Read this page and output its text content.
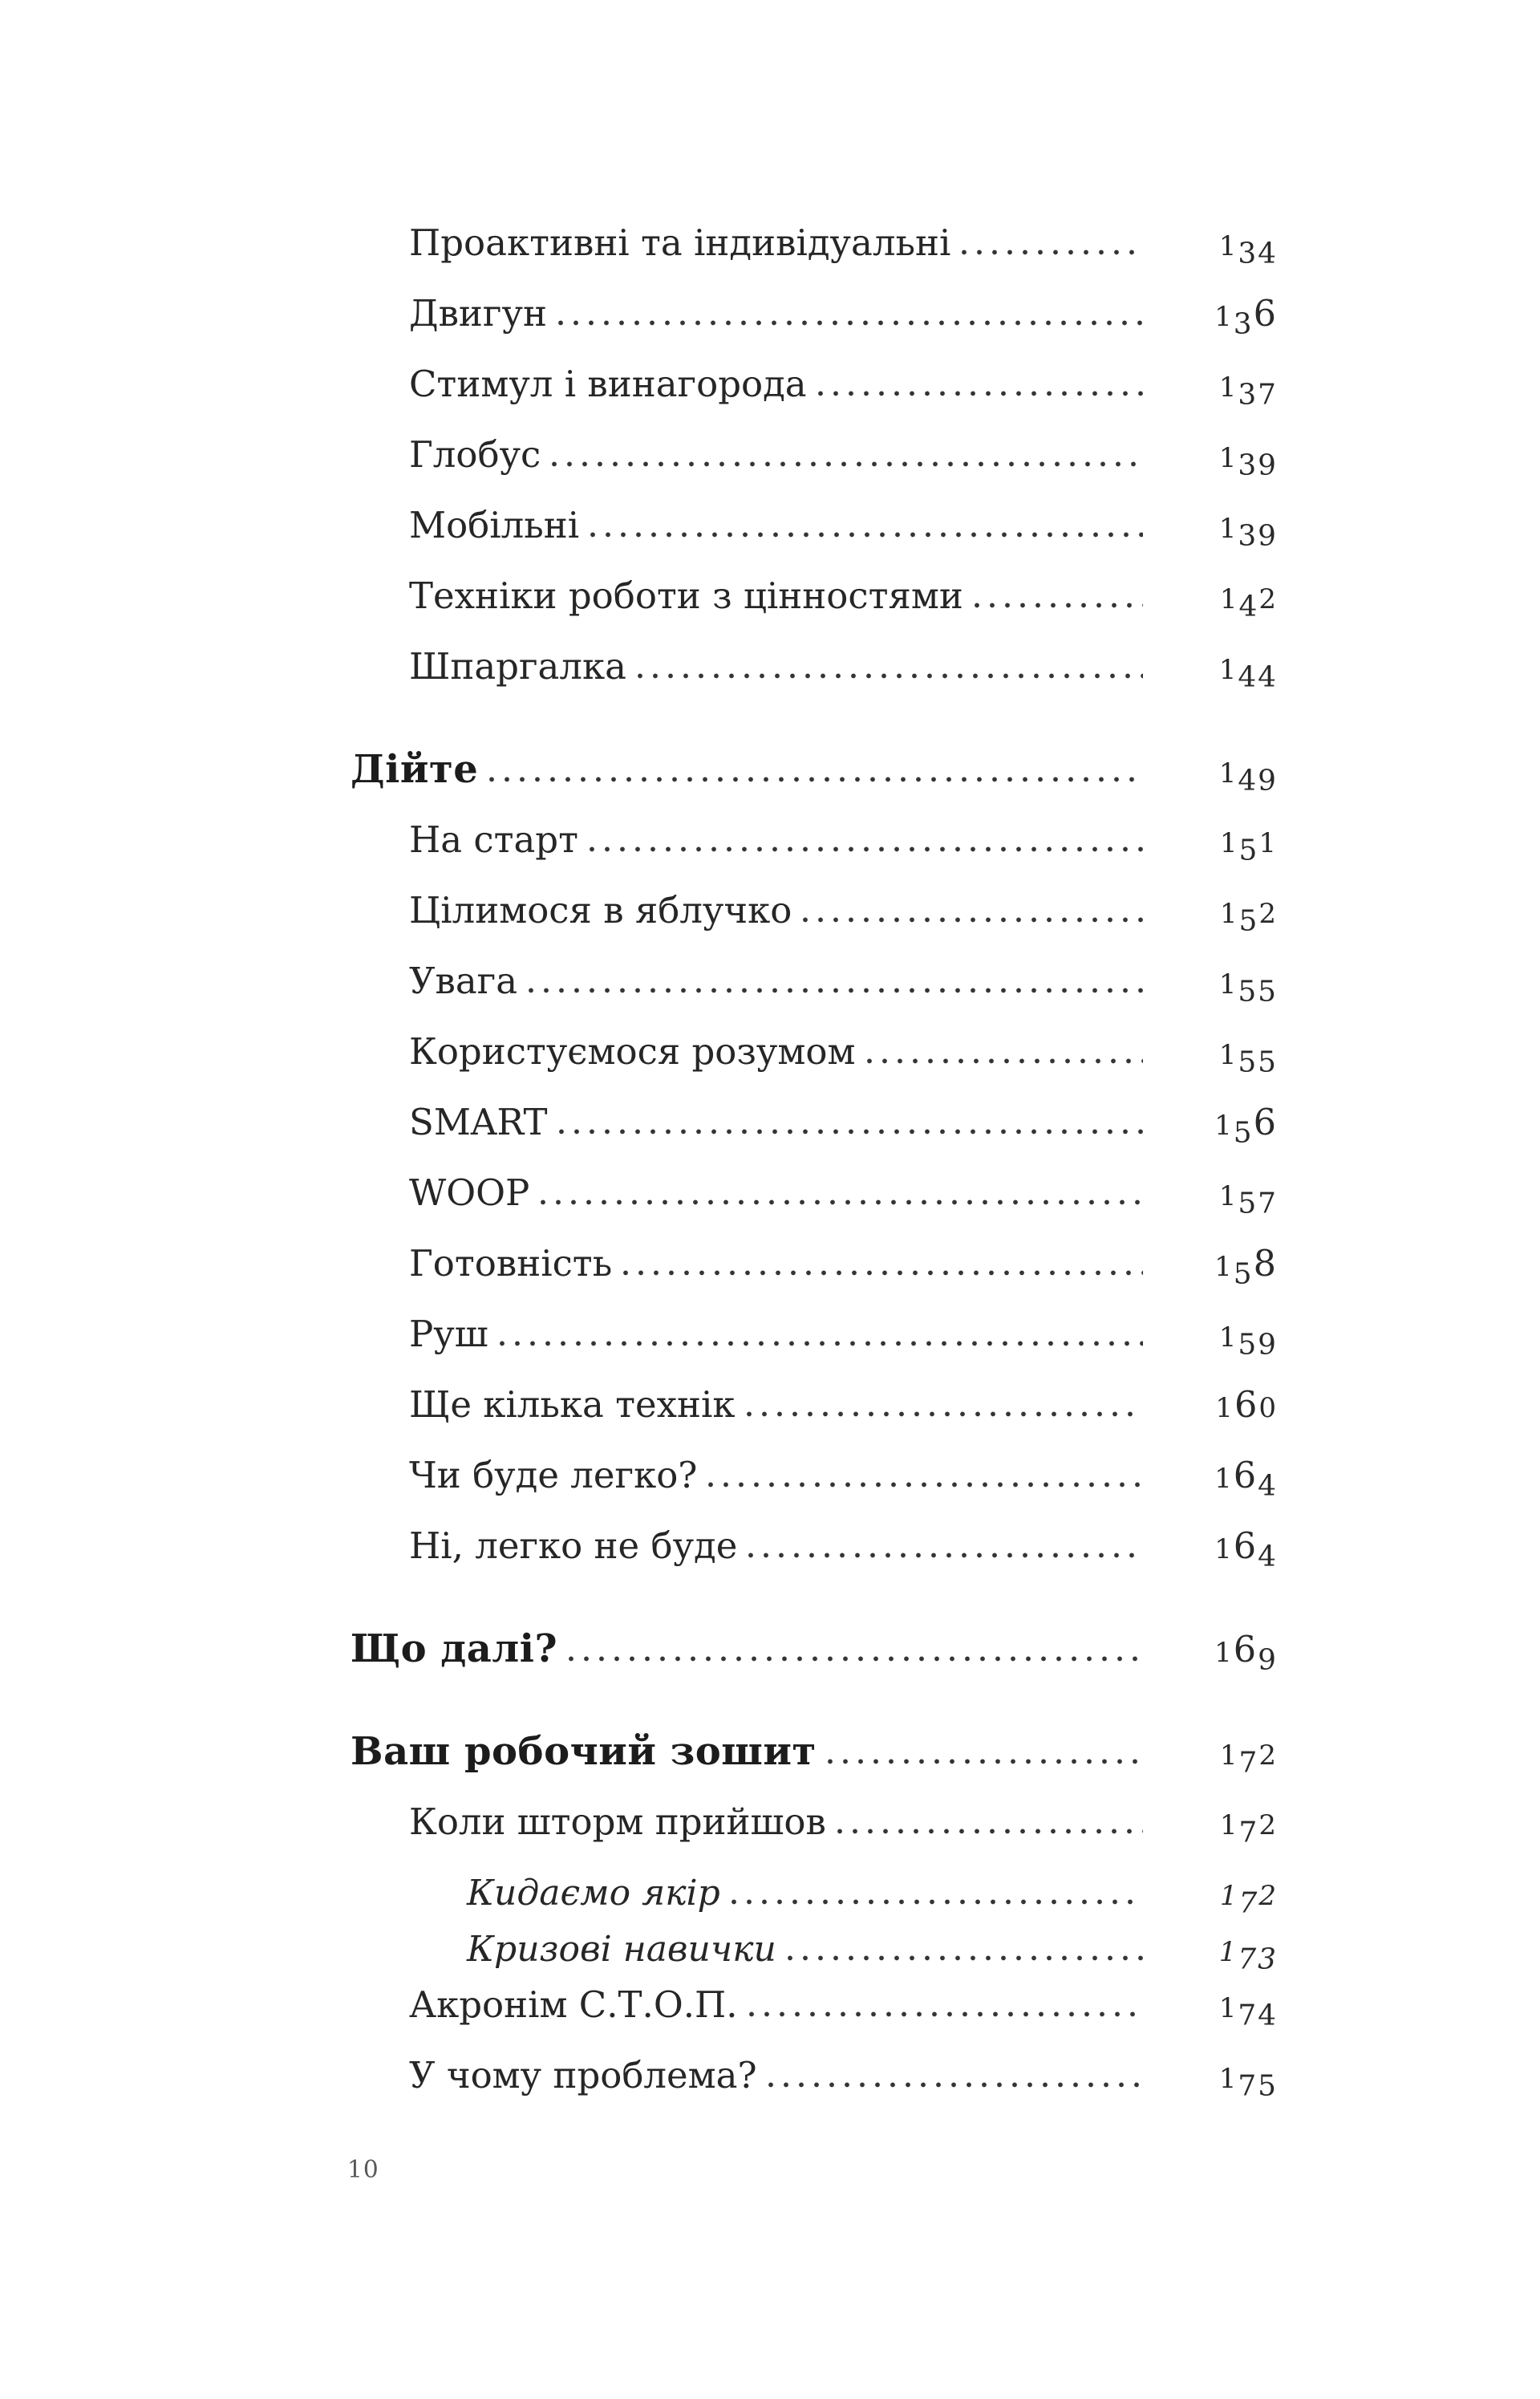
Проактивні та індивідуальні	134
Двигун	136
Стимул і винагорода	137
Глобус	139
Мобільні	139
Техніки роботи з цінностями	142
Шпаргалка	144
Дійте	149
На старт	151
Цілимося в яблучко	152
Увага	155
Користуємося розумом	155
SMART	156
WOOP	157
Готовність	158
Руш	159
Ще кілька технік	160
Чи буде легко?	164
Ні, легко не буде	164
Що далі?	169
Ваш робочий зошит	172
Коли шторм прийшов	172
Кидаємо якір	172
Кризові навички	173
Акронім С.Т.О.П.	174
У чому проблема?	175
10
